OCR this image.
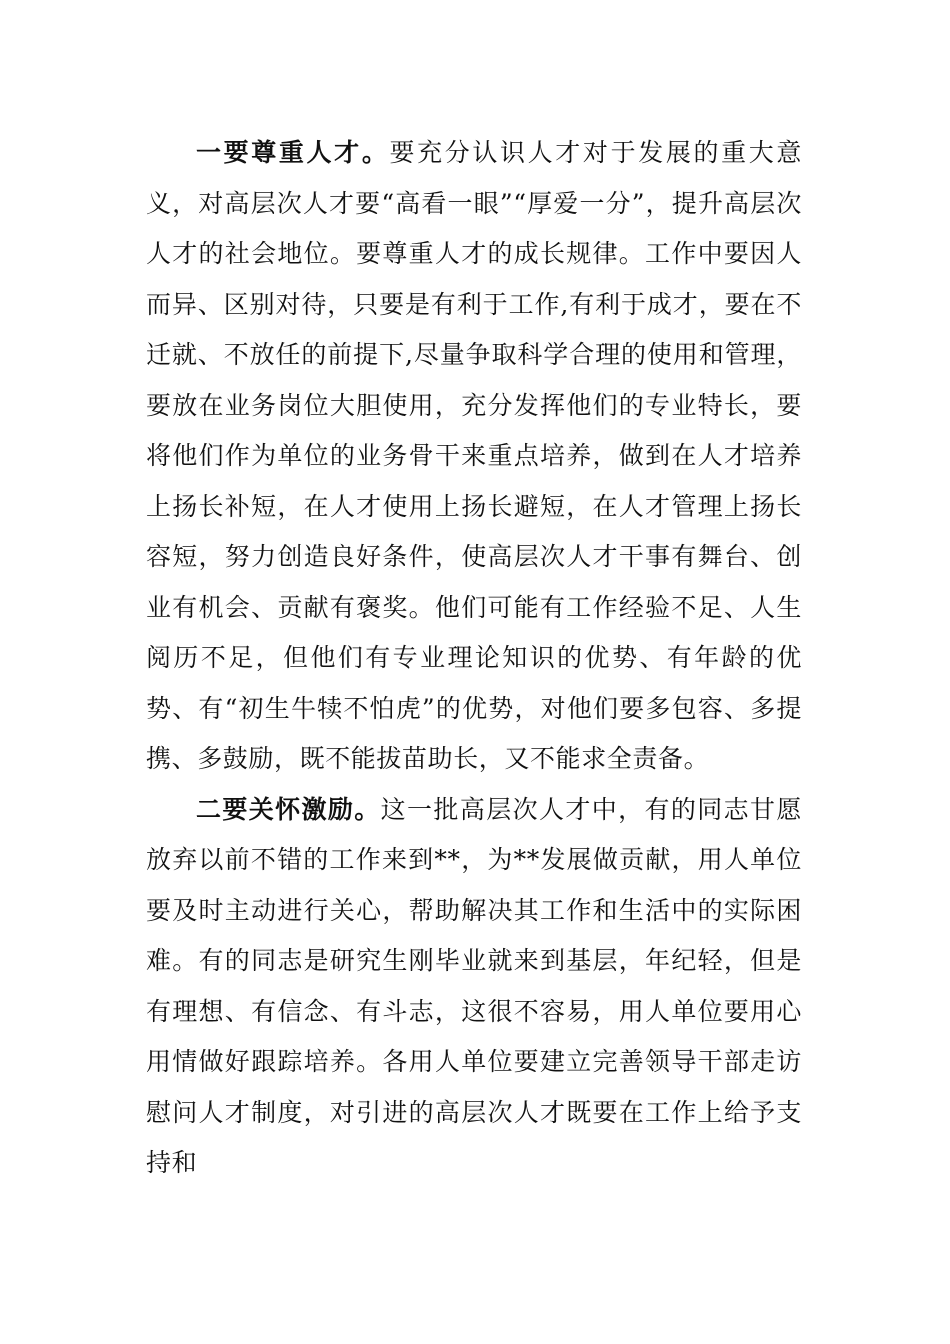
一要尊重人才。要充分认识人才对于发展的重大意义，对高层次人才要“高看一眼”“厚爱一分”，提升高层次人才的社会地位。要尊重人才的成长规律。工作中要因人而异、区别对待，只要是有利于工作,有利于成才，要在不迁就、不放任的前提下,尽量争取科学合理的使用和管理，要放在业务岗位大胆使用，充分发挥他们的专业特长，要将他们作为单位的业务骨干来重点培养，做到在人才培养上扬长补短，在人才使用上扬长避短，在人才管理上扬长容短，努力创造良好条件，使高层次人才干事有舞台、创业有机会、贡献有褒奖。他们可能有工作经验不足、人生阅历不足，但他们有专业理论知识的优势、有年龄的优势、有“初生牛犊不怕虎”的优势，对他们要多包容、多提携、多鼓励，既不能拔苗助长，又不能求全责备。

二要关怀激励。这一批高层次人才中，有的同志甘愿放弃以前不错的工作来到**，为**发展做贡献，用人单位要及时主动进行关心，帮助解决其工作和生活中的实际困难。有的同志是研究生刚毕业就来到基层，年纪轻，但是有理想、有信念、有斗志，这很不容易，用人单位要用心用情做好跟踪培养。各用人单位要建立完善领导干部走访慰问人才制度，对引进的高层次人才既要在工作上给予支持和
